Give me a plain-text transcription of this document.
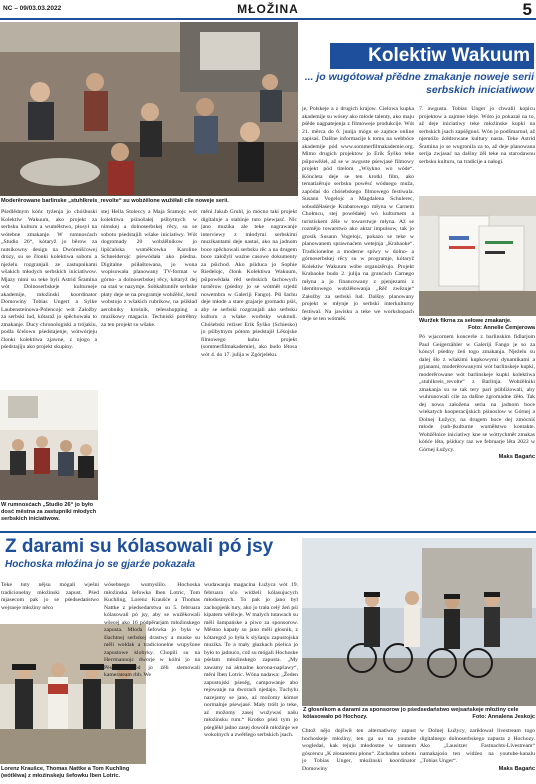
NC – 09/03.03.2022	MŁOŽINA	5
Moderěrowane barlinske „stuhlkreis_revolte“ su wobźělone wužěłali cile noweje serii.
Kolektiw Wakuum
... jo wugótował přědne zmakanje noweje serii serbskich iniciatiwow

Pśedlědnym kóńc tyźenja jo chóśbuski Kolektiw Wakuum, ako projekt za serbsku kulturu a wuměłstwo, płosył na wótebne zmakanje. W rumnosćach „Studio 26“, kótaryž jo běrow za nutsikowny design na Dwóreńšćowej drozy, su se člonki kolektiwa sobotu a njeźelu rozgranjali ze zastupnikami wšakich młodych serbskich iniciatiwow. Mjazy nimi su teke byli Astrid Šramina wót Dolnoserbskeje kulturneje akademije, młoźinski koordinator Domowiny Tobias Ungert a Sylke Laubensteinowa-Polencojc wót Załožby za serbski lud, kótaraž jo spěchowała to zmakanje. Ducy chronologiski a trójakiu, podla šćelowu pśedstajenje, wótwórjeju člonki kolektiwa zjawne, z njogo a pśedstajiju ako projekt skupiny.

stej Hella Stoleccy a Maja Šramojc wót kolektiwa pśinošałej pśibytnych w nimskej a dolnoserbskej rěcy, su se sobotu pśedstajili wšake iniciatiwy. Wót dogromady 20 wobźělnikow jo lipšćańska wuměłcowka Karoline Schneiderojc pśewódała ako pśedna. Digitalne pśiłaštowana, jo wona wopisowała planowany TV-format w górno- a dolnoserbskej rěcy, kótaryž dej na stań w nazymje. Sobkaltuntiře serbske płaty deje se na programje wobźělić, kenž wobstojo z wšakich rubrikow, na pśikład aerobniky krośnik, telesshopping a muzikowy magacin. Techniski potrěbny za ten projekt su wšake.

měni Jakub Gruhl, jo mócno taki projekt digitalnje a stabinje tuto pśewjasć. Nic jano muzika ale teke nagrawanje interviewy z młodymi serbskimi muzikantami deje nastaś, ako na jadnom boce spěchowali serbsku rěc a na drugem boce załožyli waźne casowe dokumenty za pśichod. Ako pśiduca jo Sophie Riedelojc, člonk Kolektiwa Wakuum, pśipowědała rěd serbskich šachowych turněrow (pśedny jo se wótměł srjedź nowembra w Galeriji Fango). Pśi šachu deje młode a stare grajarje gromadu pśiś, aby se serbski rozgranjali ako serbsku kulturu a wšake worbsky wuknuli. Chóśebski reźiser Erik Šyško (Schiesko) jo pśibytnym pótom pśedstajił Lěśojske filmowego kubu projekt (sommerfilmakademie), ako budo lětosa wót 4. do 17. julija w Zgórjeleku.

je, Polskeje a z drugich krajow. Cielowa kupka akademije su wósey ako młode talenty, ako maju pśěde nagpatejenja z filmoweje produkcije. Wót 21. měrca do 6. junija mógu se zajmce online zapisaś. Dalšne informacije k tomu na webbóce akademije pód www.sommerfilmakademie.org. Mimo drugich projektow jo Erik Šyško teke pśipowěźeł, až se w awguste pśewjasé filmowy projekt pód titelom „Wśykno wo wóde“. Kóncleta deje se ten krotki film, ako tematizěrujo serbsku powěsć wódnego muža, zapódaś do chóśebskego filmowego festiwala. Susann Vogelojc a Magdalena Schulerec, sobudźěłaśerje Krabatowego młyna w Carnem Chołmcu, stej powědałej wó kulturnem a turistiskem źěle w towarstwje młyna. Až se rozmějo towarstwo ako aktar impulsow, tak jo grosik Susann Vogelojc, pokazo se teke w planowanem sprawnaćem wetejnja „Krabaoke“. Tradicionelne a moderne spiwy w dolno- a górnoserbskej rěcy su w programje, kótaryž Kolektiw Wakuum wóbe organizěrujo. Projekt Krabaoke budo 2. julija na granćach Carnego młyna a jo financowany z pjenjezami z identitowego wobźěłowanja „Rěč zwězuje“ Załožby za serbski lud. Dalšny planowany projekt w młynje jo serbski interkulturny festiwal. Na jawisku a teke we workshopach deje se ten wótměś.

7. awgusta. Tobias Unger jo chwalil kopicu projektow a zajmne ideje. Wóto jo pokazał na to, až deje iniciatiwy teke młoźinske kupki na serbskich jsach zapśěgnuś. Wón jo podšmarnuł, až njemóžo źołdrowane kultury nasta. Teke Astrid Šramina jo se wugronila za to, až deje planowana serija zwjasać na dalšny źěl teke na starodawnu serbsku kulturu, na tradicije a nałogi.

W rumnosćach „Studio 26“ jo było dosć městna za zastupnikí młodych serbskich iniciatiwow.
Wuržek fikrna za sełowe zmakanje.
Foto: Annelie Ćemjerowa

Pó wjacornem koncerše z barlinskim fidlarjom Paul Geigerzähler w Galeriji Fango je so za kóncyl pśedny źeń togo zmakanja. Njeźelu su dalej šło z wšakimi kupkowymi dynamikami a grjanami, moderěrowanymi wót barlinskeje kupki, moderěrowane wót barlinskeje kupki kolektiwa „stuhlkreis_revolte“ z Barlinja. Wobźělniki zmakanja su se tak tery pari pśibliżowali, aby wuhrunowali cile za dalšne zgromadne źěło. Tak dej nowa załožena seria na jadnom boce wiekatych kooperacijskich pśinoslow w Górnej a Dolnej Łužycy, na drugem boce dej zmócniś młode (sub-)kulturne wuměłstwo kontakte. Wobźělnice iniciatiwy kne se wóttychmět zmakas kóńće lěta, pśiducy raz we februarje lěta 2022 w Górnej Łužycy.

Maks Bagańc

Z darami su kólasowali pó jsy
Hochoska młoźina jo se gjarźe pokazała

Teke tuty nějsu mógali wješni tradicionelny młoźinski zapust. Pśed mjasecom pak jo se pśedsedaństwo wejsneje młoźiny něco

Lorenz Kraušce, Thomas Nattke a Tom Kuchling (wótlěwa) z młoźinskeju šefowku Iben Lotric.

wósebnego wumyslilo. Hochoska młoźinska šefowka Iben Lotric, Tom Kuchling, Lorenz Kraušće a Thomas Nattke z pśedsedarstwa su 5. februara kólasowali pó jsy, aby se wuźěkowali wšecej ako 16 pódpěrarjam młoźinskego zapusta. Młoda šefowka jo była w šlachtnej serbskej drastwy a muske su měli wołdak a tradicionelne wupyšone zapustowe klobyky. Chopili su na Herrmannojc dworje w kólni jo na Pěskach, pód jo źěli slemowali kamerateam rbb. We

wudawanju magacina Łužyca wót 19. februara sćo widźeli kólasujucych młodostnych. To pak jo jano byl zachopjeńk tury, ako jo trała cełý źeń pśi kipatem wětšwje. W malych tutawach su měli šampańske a piwo za sponsorow. Městno kapały su jano měli głosnik, z kótaregož jo była k slyšanju zapustojska muzika. To a mały głazkach pśelica jo było to jadnućo, což su mógali Hochoske pśelam młoźinskego zapusta. „My zawamy na aktualne korona-napšawy“, měni Iben Lotric. Wóna nadawa: „Žeden zapustojski pśesěg, campowanje abo rejowanje na dworach njedajo. Tuchylu nazejamy se jano, aź možomy kómot normalnje pśewjasé. Mały tróšt jo teke, aź možomy zasej wužywaś našu młoźinsku rum.“ Krotko pśeź tym jo pśeglěkł jadno zasej dowolił młoźinje we wokolnych a zwětšego serbskich jsach.

Z głosnikom a darami za sponsorow jo pśedsedaństwo wejsańskeje młoźiny cele kólasowało pó Hochozy.	Foto: Annalena Jeskojc

Chtož nějo dojšwił ten alternatiwny zapust hochoskeje młoźiny, ten ga su na youtube wogledaś, kak rejuju młodostne w tamnem góscencu „K złosanemu płonu“. Zachadnu sobotu jo Tobias Unger, młoźinski koordinator Domowiny

w Dolnej Łužycy, zarědował livestream togo digitalnego dolnoserbskego zapusta z Hochozy. Ako „Lausitzer Fastnachts-Livestream“ namakajośo ten widźeo na youtube-kanalu „Tobias Unger“.

Maks Bagańc
